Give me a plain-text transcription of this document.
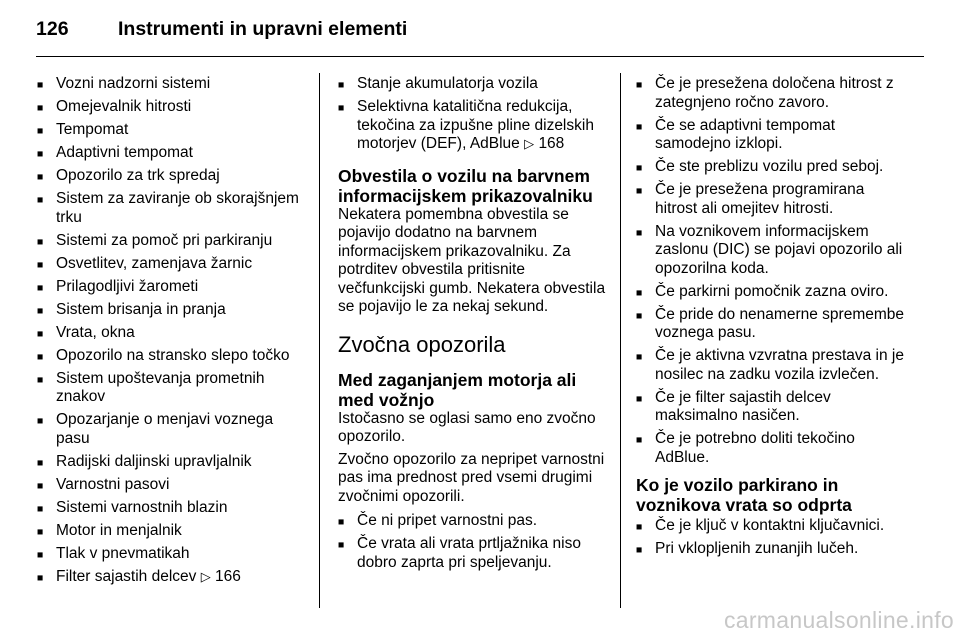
126	Instrumenti in upravni elementi
■ Vozni nadzorni sistemi
■ Omejevalnik hitrosti
■ Tempomat
■ Adaptivni tempomat
■ Opozorilo za trk spredaj
■ Sistem za zaviranje ob skorajšnjem trku
■ Sistemi za pomoč pri parkiranju
■ Osvetlitev, zamenjava žarnic
■ Prilagodljivi žarometi
■ Sistem brisanja in pranja
■ Vrata, okna
■ Opozorilo na stransko slepo točko
■ Sistem upoštevanja prometnih znakov
■ Opozarjanje o menjavi voznega pasu
■ Radijski daljinski upravljalnik
■ Varnostni pasovi
■ Sistemi varnostnih blazin
■ Motor in menjalnik
■ Tlak v pnevmatikah
■ Filter sajastih delcev ▷ 166
■ Stanje akumulatorja vozila
■ Selektivna katalitična redukcija, tekočina za izpušne pline dizelskih motorjev (DEF), AdBlue ▷ 168
Obvestila o vozilu na barvnem informacijskem prikazovalniku

Nekatera pomembna obvestila se pojavijo dodatno na barvnem informacijskem prikazovalniku. Za potrditev obvestila pritisnite večfunkcijski gumb. Nekatera obvestila se pojavijo le za nekaj sekund.

Zvočna opozorila
Med zaganjanjem motorja ali med vožnjo

Istočasno se oglasi samo eno zvočno opozorilo.

Zvočno opozorilo za nepripet varnostni pas ima prednost pred vsemi drugimi zvočnimi opozorili.

■ Če ni pripet varnostni pas.
■ Če vrata ali vrata prtljažnika niso dobro zaprta pri speljevanju.
■ Če je presežena določena hitrost z zategnjeno ročno zavoro.
■ Če se adaptivni tempomat samodejno izklopi.
■ Če ste preblizu vozilu pred seboj.
■ Če je presežena programirana hitrost ali omejitev hitrosti.
■ Na voznikovem informacijskem zaslonu (DIC) se pojavi opozorilo ali opozorilna koda.
■ Če parkirni pomočnik zazna oviro.
■ Če pride do nenamerne spremembe voznega pasu.
■ Če je aktivna vzvratna prestava in je nosilec na zadku vozila izvlečen.
■ Če je filter sajastih delcev maksimalno nasičen.
■ Če je potrebno doliti tekočino AdBlue.
Ko je vozilo parkirano in voznikova vrata so odprta
■ Če je ključ v kontaktni ključavnici.
■ Pri vklopljenih zunanjih lučeh.
carmanualsonline.info
